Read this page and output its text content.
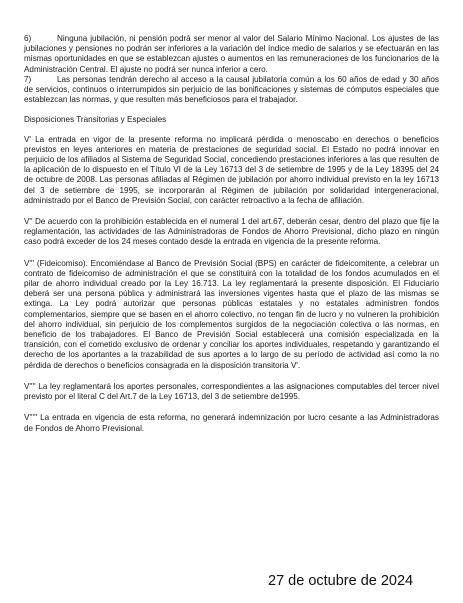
6)	Ninguna jubilación, ni pensión podrá ser menor al valor del Salario Mínimo Nacional. Los ajustes de las jubilaciones y pensiones no podrán ser inferiores a la variación del índice medio de salarios y se efectuarán en las mismas oportunidades en que se establezcan ajustes o aumentos en las remuneraciones de los funcionarios de la Administración Central. El ajuste no podrá ser nunca inferior a cero.

7)	Las personas tendrán derecho al acceso a la causal jubilatoria común a los 60 años de edad y 30 años de servicios, continuos o interrumpidos sin perjuicio de las bonificaciones y sistemas de cómputos especiales que establezcan las normas, y que resulten más beneficiosos para el trabajador.

Disposiciones Transitorias y Especiales

V' La entrada en vigor de la presente reforma no implicará pérdida o menoscabo en derechos o beneficios previstos en leyes anteriores en materia de prestaciones de seguridad social. El Estado no podrá innovar en perjuicio de los afiliados al Sistema de Seguridad Social, concediendo prestaciones inferiores a las que resulten de la aplicación de lo dispuesto en el Título VI de la Ley 16713 del 3 de setiembre de 1995 y de la Ley 18395 del 24 de octubre de 2008. Las personas afiliadas al Régimen de jubilación por ahorro individual previsto en la ley 16713 del 3 de setiembre de 1995, se incorporarán al Régimen de jubilación por solidaridad intergeneracional, administrado por el Banco de Previsión Social, con carácter retroactivo a la fecha de afiliación.

V'' De acuerdo con la prohibición establecida en el numeral 1 del art.67, deberán cesar, dentro del plazo que fije la reglamentación, las actividades de las Administradoras de Fondos de Ahorro Previsional, dicho plazo en ningún caso podrá exceder de los 24 meses contado desde la entrada en vigencia de la presente reforma.

V''' (Fideicomiso). Encomiéndase al Banco de Previsión Social (BPS) en carácter de fideicomitente, a celebrar un contrato de fideicomiso de administración el que se constituirá con la totalidad de los fondos acumulados en el pilar de ahorro individual creado por la Ley 16.713. La ley reglamentará la presente disposición. El Fiduciario deberá ser una persona pública y administrará las inversiones vigentes hasta que el plazo de las mismas se extinga. La Ley podrá autorizar que personas públicas estatales y no estatales administren fondos complementarios, siempre que se basen en el ahorro colectivo, no tengan fin de lucro y no vulneren la prohibición del ahorro individual, sin perjuicio de los complementos surgidos de la negociación colectiva o las normas, en beneficio de los trabajadores. El Banco de Previsión Social establecerá una comisión especializada en la transición, con el cometido exclusivo de ordenar y conciliar los aportes individuales, respetando y garantizando el derecho de los aportantes a la trazabilidad de sus aportes a lo largo de su período de actividad así como la no pérdida de derechos o beneficios consagrada en la disposición transitoria V'.

V'''' La ley reglamentará los aportes personales, correspondientes a las asignaciones computables del tercer nivel previsto por el literal C del Art.7 de la Ley 16713, del 3 de setiembre de1995.

V''''' La entrada en vigencia de esta reforma, no generará indemnización por lucro cesante a las Administradoras de Fondos de Ahorro Previsional.

27 de octubre de 2024
